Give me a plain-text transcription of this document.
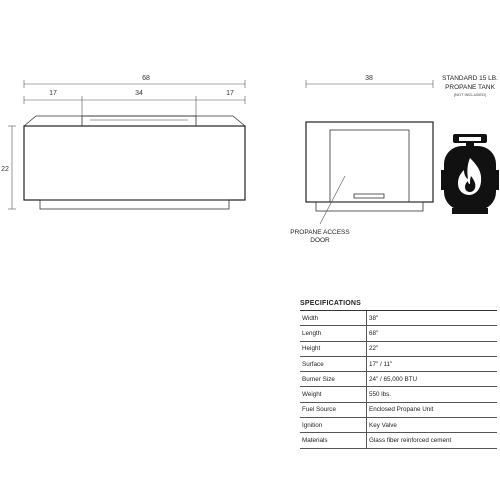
68
17	34	17
22
38
PROPANE ACCESS
DOOR
STANDARD 15 LB.
PROPANE TANK
(NOT INCLUDED)
SPECIFICATIONS
Width	38"
Length	68"
Height	22"
Surface	17" / 11"
Burner Size	24" / 65,000 BTU
Weight	550 lbs.
Fuel Source	Enclosed Propane Unit
Ignition	Key Valve
Materials	Glass fiber reinforced cement
